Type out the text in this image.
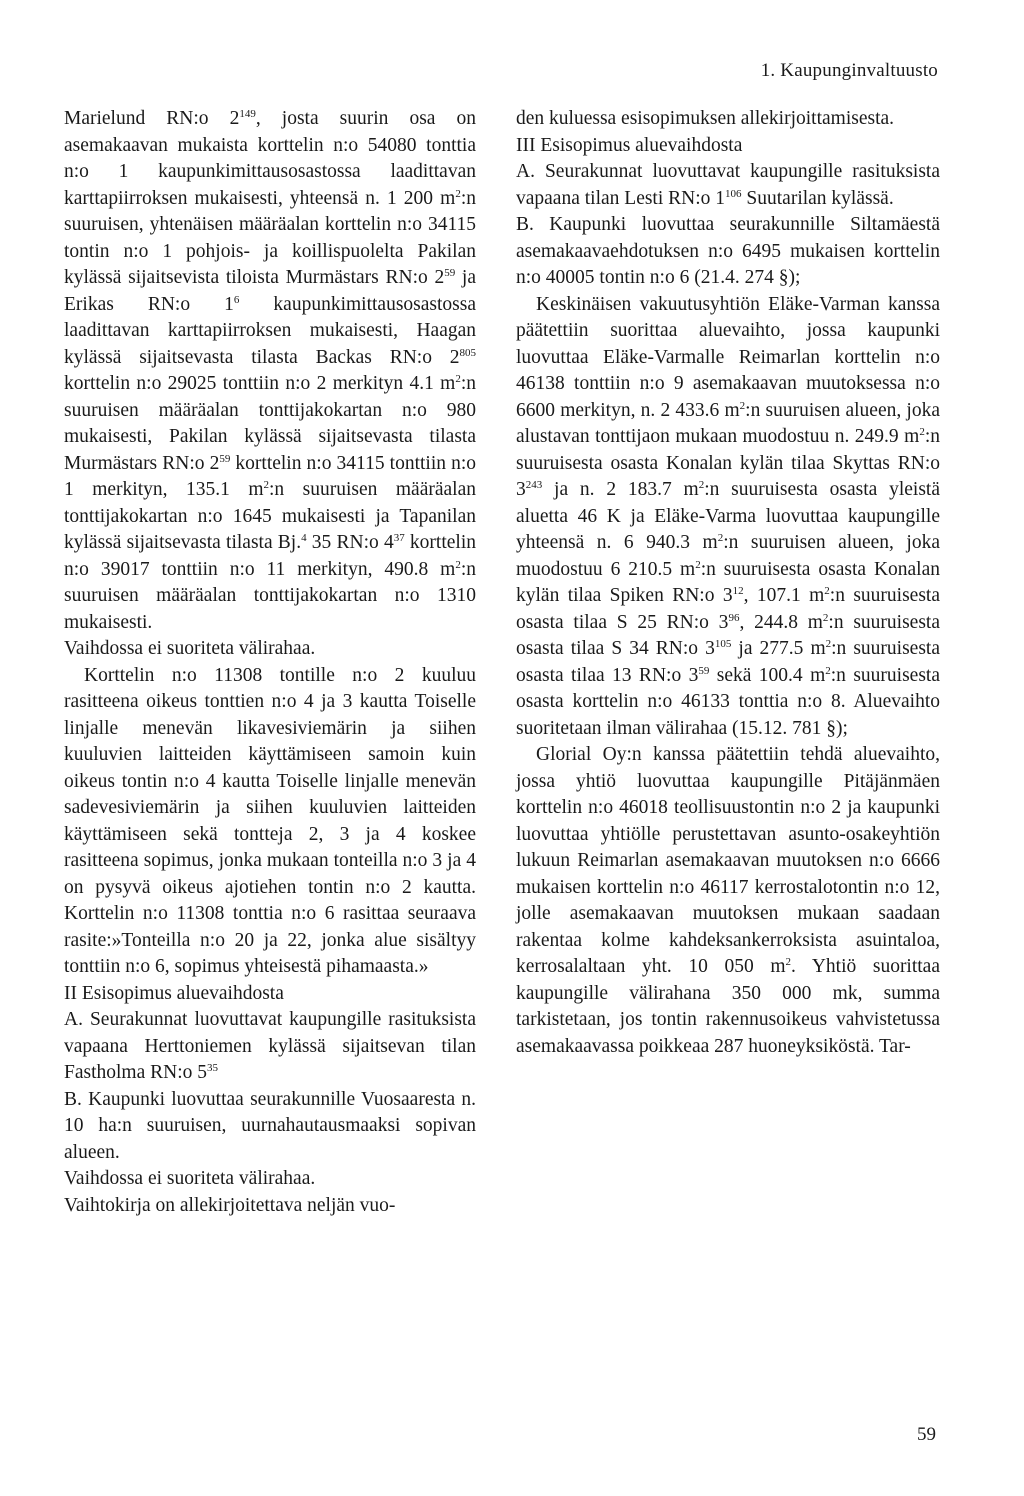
1. Kaupunginvaltuusto

Marielund RN:o $2^{149}$, josta suurin osa on asemakaavan mukaista korttelin n:o 54080 tonttia n:o 1 kaupunkimittausosastossa laadittavan karttapiirroksen mukaisesti, yhteensä n. 1 200 $m^2:n$ suuruisen, yhtenäisen määräalan korttelin n:o 34115 tontin n:o 1 pohjois- ja koillispuolelta Pakilan kylässä sijaitsevista tiloista Murmästars RN:o $2^{59}$ ja Erikas RN:o $1^6$ kaupunkimittausosastossa laadittavan karttapiirroksen mukaisesti, Haagan kylässä sijaitsevasta tilasta Backas RN:o $2^{805}$ korttelin n:o 29025 tonttiin n:o 2 merkityn 4.1 $m^2:n$ suuruisen määräalan tonttijakokartan n:o 980 mukaisesti, Pakilan kylässä sijaitsevasta tilasta Murmästars RN:o $2^{59}$ korttelin n:o 34115 tonttiin n:o 1 merkityn, 135.1 $m^2:n$ suuruisen määräalan tonttijakokartan n:o 1645 mukaisesti ja Tapanilan kylässä sijaitsevasta tilasta Bj.$^4$ 35 RN:o $4^{37}$ korttelin n:o 39017 tonttiin n:o 11 merkityn, 490.8 $m^2:n$ suuruisen määräalan tonttijakokartan n:o 1310 mukaisesti.

Vaihdossa ei suoriteta välirahaa.

Korttelin n:o 11308 tontille n:o 2 kuuluu rasitteena oikeus tonttien n:o 4 ja 3 kautta Toiselle linjalle menevän likavesiviemärin ja siihen kuuluvien laitteiden käyttämiseen samoin kuin oikeus tontin n:o 4 kautta Toiselle linjalle menevän sadevesiviemärin ja siihen kuuluvien laitteiden käyttämiseen sekä tontteja 2, 3 ja 4 koskee rasitteena sopimus, jonka mukaan tonteilla n:o 3 ja 4 on pysyvä oikeus ajotiehen tontin n:o 2 kautta. Korttelin n:o 11308 tonttia n:o 6 rasittaa seuraava rasite:»Tonteilla n:o 20 ja 22, jonka alue sisältyy tonttiin n:o 6, sopimus yhteisestä pihamaasta.»

II Esisopimus aluevaihdosta

A. Seurakunnat luovuttavat kaupungille rasituksista vapaana Herttoniemen kylässä sijaitsevan tilan Fastholma RN:o $5^{35}$

B. Kaupunki luovuttaa seurakunnille Vuosaaresta n. 10 ha:n suuruisen, uurnahautausmaaksi sopivan alueen.

Vaihdossa ei suoriteta välirahaa.

Vaihtokirja on allekirjoitettava neljän vuo-

den kuluessa esisopimuksen allekirjoittamisesta.

III Esisopimus aluevaihdosta

A. Seurakunnat luovuttavat kaupungille rasituksista vapaana tilan Lesti RN:o $1^{106}$ Suutarilan kylässä.

B. Kaupunki luovuttaa seurakunnille Siltamäestä asemakaavaehdotuksen n:o 6495 mukaisen korttelin n:o 40005 tontin n:o 6 (21.4. 274 §);

Keskinäisen vakuutusyhtiön Eläke-Varman kanssa päätettiin suorittaa aluevaihto, jossa kaupunki luovuttaa Eläke-Varmalle Reimarlan korttelin n:o 46138 tonttiin n:o 9 asemakaavan muutoksessa n:o 6600 merkityn, n. 2 433.6 $m^2:n$ suuruisen alueen, joka alustavan tonttijaon mukaan muodostuu n. 249.9 $m^2:n$ suuruisesta osasta Konalan kylän tilaa Skyttas RN:o $3^{243}$ ja n. 2 183.7 $m^2:n$ suuruisesta osasta yleistä aluetta 46 K ja Eläke-Varma luovuttaa kaupungille yhteensä n. 6 940.3 $m^2:n$ suuruisen alueen, joka muodostuu 6 210.5 $m^2:n$ suuruisesta osasta Konalan kylän tilaa Spiken RN:o $3^{12}$, 107.1 $m^2:n$ suuruisesta osasta tilaa S 25 RN:o $3^{96}$, 244.8 $m^2:n$ suuruisesta osasta tilaa S 34 RN:o $3^{105}$ ja 277.5 $m^2:n$ suuruisesta osasta tilaa 13 RN:o $3^{59}$ sekä 100.4 $m^2:n$ suuruisesta osasta korttelin n:o 46133 tonttia n:o 8. Aluevaihto suoritetaan ilman välirahaa (15.12. 781 §);

Glorial Oy:n kanssa päätettiin tehdä aluevaihto, jossa yhtiö luovuttaa kaupungille Pitäjänmäen korttelin n:o 46018 teollisuustontin n:o 2 ja kaupunki luovuttaa yhtiölle perustettavan asunto-osakeyhtiön lukuun Reimarlan asemakaavan muutoksen n:o 6666 mukaisen korttelin n:o 46117 kerrostalotontin n:o 12, jolle asemakaavan muutoksen mukaan saadaan rakentaa kolme kahdeksankerroksista asuintaloa, kerrosalaltaan yht. 10 050 $m^2$. Yhtiö suorittaa kaupungille välirahana 350 000 mk, summa tarkistetaan, jos tontin rakennusoikeus vahvistetussa asemakaavassa poikkeaa 287 huoneyksiköstä. Tar-

59
